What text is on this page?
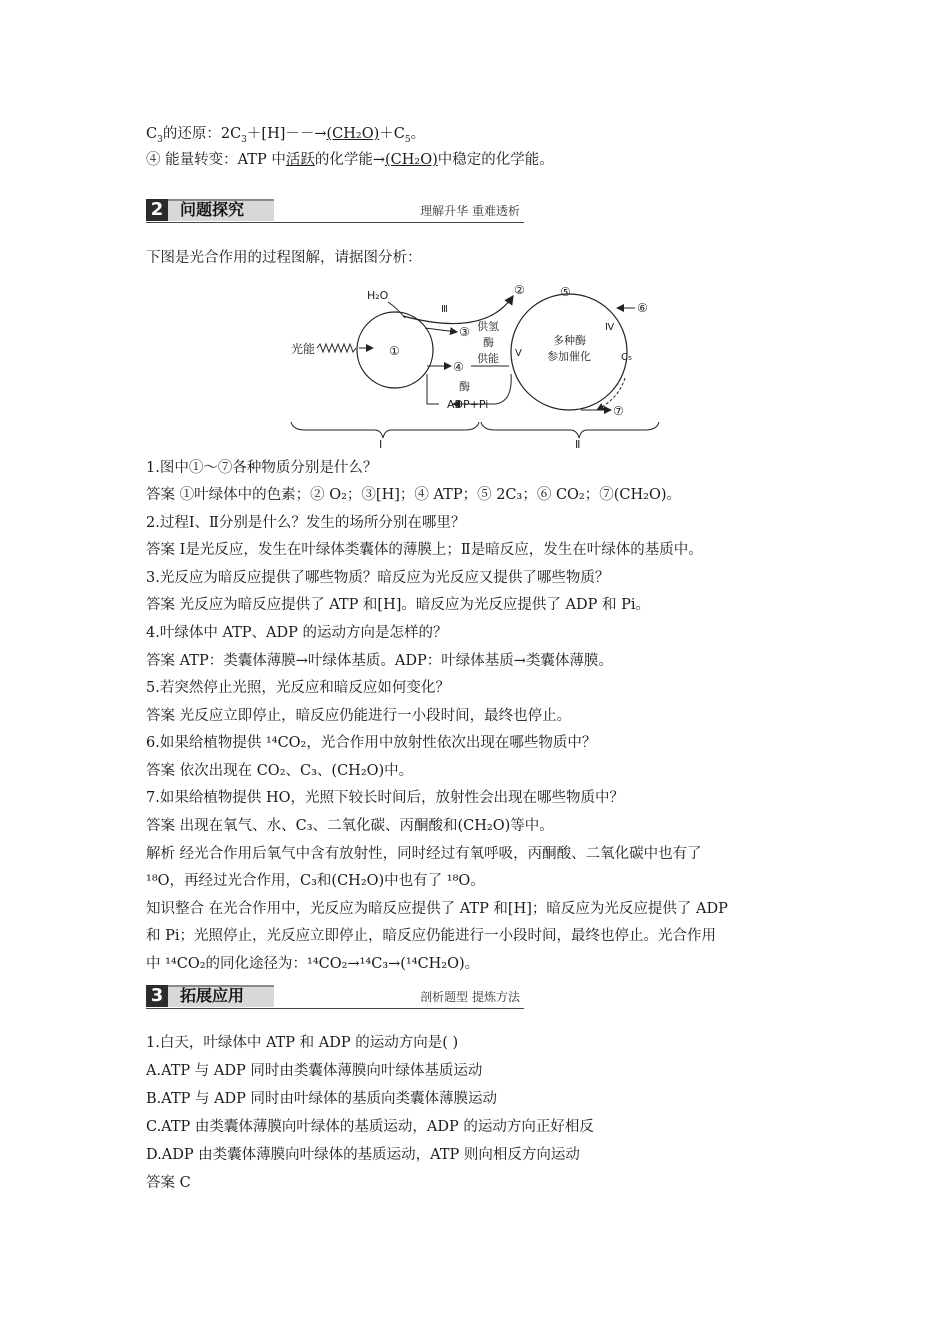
$C_3$的还原：$2C_3+[H]--\to(CH_2O)+C_5$。
④ 能量转变：ATP 中活跃的化学能→(CH₂O)中稳定的化学能。
2 问题探究	理解升华 重难透析
下图是光合作用的过程图解，请据图分析：
光能	①
H₂O	②
Ⅲ
③ 供氢
酶
供能
④
酶
ADP+Pi
Ⅴ
Ⅳ
多种酶
参加催化
⑤
⑥
C₅
⑦
Ⅰ	Ⅱ
1.图中①～⑦各种物质分别是什么？
答案 ①叶绿体中的色素；② O₂；③[H]；④ ATP；⑤ 2C₃；⑥ CO₂；⑦(CH₂O)。
2.过程Ⅰ、Ⅱ分别是什么？发生的场所分别在哪里？
答案 Ⅰ是光反应，发生在叶绿体类囊体的薄膜上；Ⅱ是暗反应，发生在叶绿体的基质中。
3.光反应为暗反应提供了哪些物质？暗反应为光反应又提供了哪些物质？
答案 光反应为暗反应提供了 ATP 和[H]。暗反应为光反应提供了 ADP 和 Pi。
4.叶绿体中 ATP、ADP 的运动方向是怎样的？
答案 ATP：类囊体薄膜→叶绿体基质。ADP：叶绿体基质→类囊体薄膜。
5.若突然停止光照，光反应和暗反应如何变化？
答案 光反应立即停止，暗反应仍能进行一小段时间，最终也停止。
6.如果给植物提供 ¹⁴CO₂，光合作用中放射性依次出现在哪些物质中？
答案 依次出现在 CO₂、C₃、(CH₂O)中。
7.如果给植物提供 HO，光照下较长时间后，放射性会出现在哪些物质中？
答案 出现在氧气、水、C₃、二氧化碳、丙酮酸和(CH₂O)等中。
解析 经光合作用后氧气中含有放射性，同时经过有氧呼吸，丙酮酸、二氧化碳中也有了
¹⁸O，再经过光合作用，C₃和(CH₂O)中也有了 ¹⁸O。
知识整合 在光合作用中，光反应为暗反应提供了 ATP 和[H]；暗反应为光反应提供了 ADP
和 Pi；光照停止，光反应立即停止，暗反应仍能进行一小段时间，最终也停止。光合作用
中 ¹⁴CO₂的同化途径为：¹⁴CO₂→¹⁴C₃→(¹⁴CH₂O)。
3 拓展应用	剖析题型 提炼方法
1.白天，叶绿体中 ATP 和 ADP 的运动方向是( )
A.ATP 与 ADP 同时由类囊体薄膜向叶绿体基质运动
B.ATP 与 ADP 同时由叶绿体的基质向类囊体薄膜运动
C.ATP 由类囊体薄膜向叶绿体的基质运动，ADP 的运动方向正好相反
D.ADP 由类囊体薄膜向叶绿体的基质运动，ATP 则向相反方向运动
答案 C
